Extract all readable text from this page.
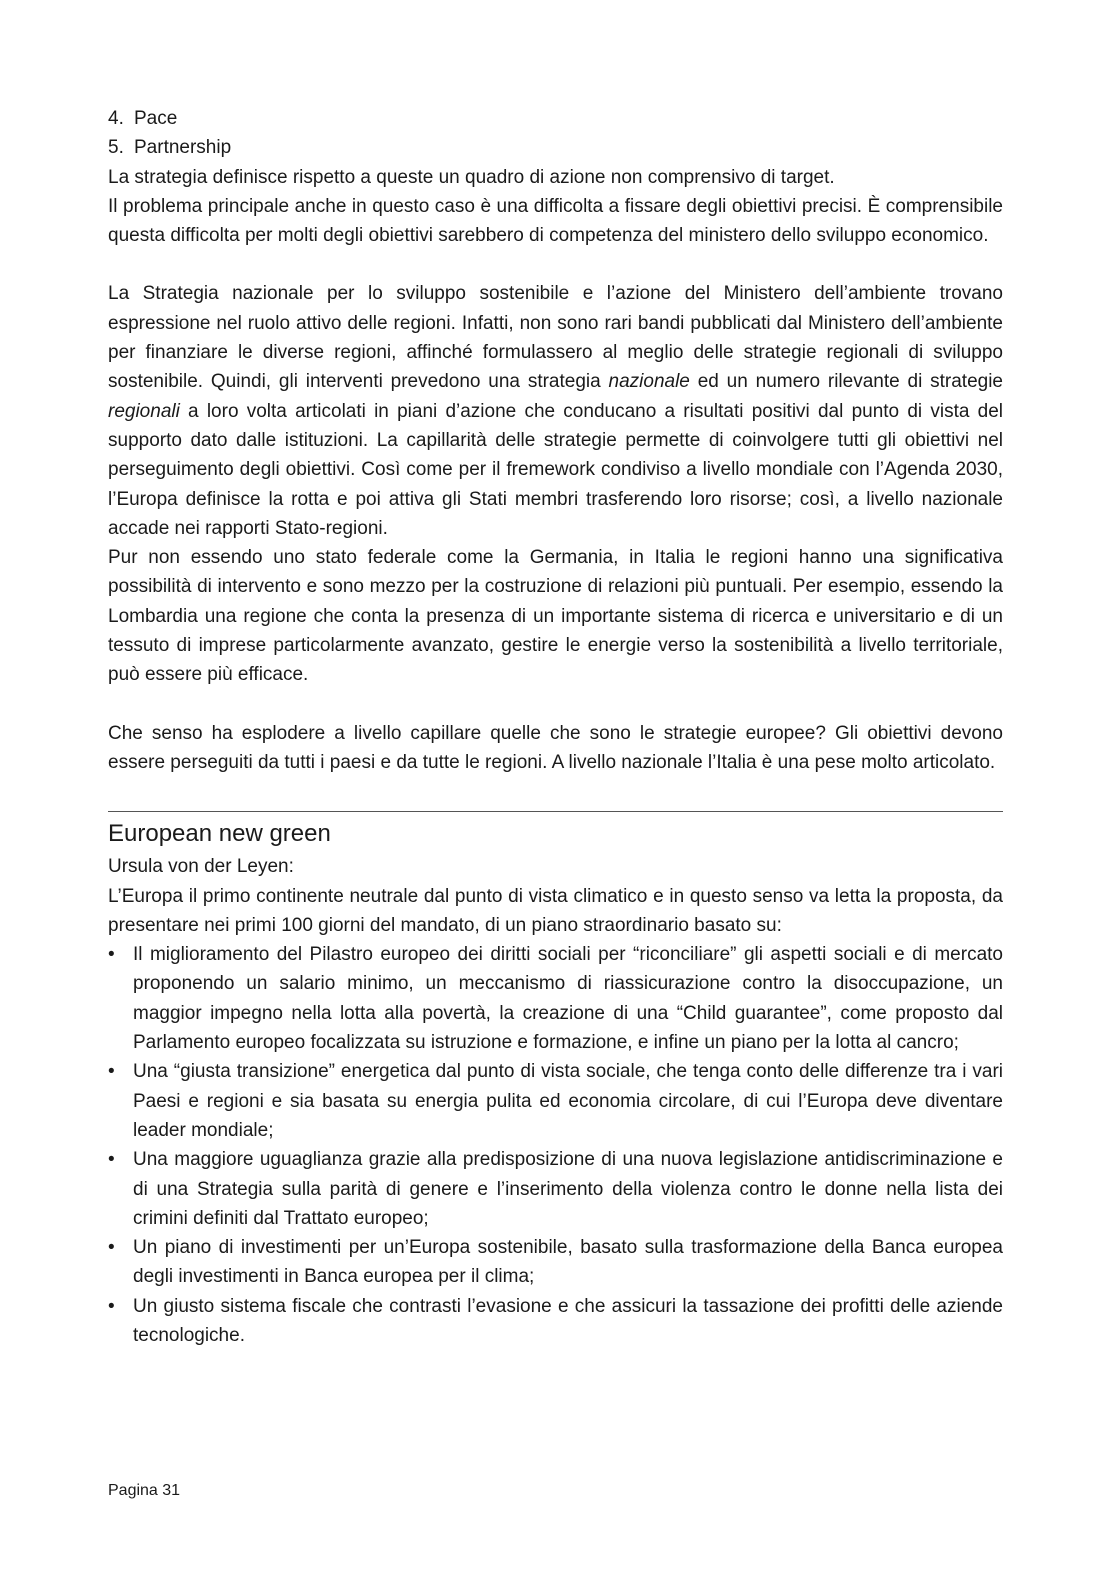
4. Pace
5. Partnership
La strategia definisce rispetto a queste un quadro di azione non comprensivo di target.

Il problema principale anche in questo caso è una difficolta a fissare degli obiettivi precisi. È comprensibile questa difficolta per molti degli obiettivi sarebbero di competenza del ministero dello sviluppo economico.

La Strategia nazionale per lo sviluppo sostenibile e l’azione del Ministero dell’ambiente trovano espressione nel ruolo attivo delle regioni. Infatti, non sono rari bandi pubblicati dal Ministero dell’ambiente per finanziare le diverse regioni, affinché formulassero al meglio delle strategie regionali di sviluppo sostenibile. Quindi, gli interventi prevedono una strategia nazionale ed un numero rilevante di strategie regionali a loro volta articolati in piani d’azione che conducano a risultati positivi dal punto di vista del supporto dato dalle istituzioni. La capillarità delle strategie permette di coinvolgere tutti gli obiettivi nel perseguimento degli obiettivi. Così come per il fremework condiviso a livello mondiale con l’Agenda 2030, l’Europa definisce la rotta e poi attiva gli Stati membri trasferendo loro risorse; così, a livello nazionale accade nei rapporti Stato-regioni.

Pur non essendo uno stato federale come la Germania, in Italia le regioni hanno una significativa possibilità di intervento e sono mezzo per la costruzione di relazioni più puntuali. Per esempio, essendo la Lombardia una regione che conta la presenza di un importante sistema di ricerca e universitario e di un tessuto di imprese particolarmente avanzato, gestire le energie verso la sostenibilità a livello territoriale, può essere più efficace.

Che senso ha esplodere a livello capillare quelle che sono le strategie europee? Gli obiettivi devono essere perseguiti da tutti i paesi e da tutte le regioni. A livello nazionale l’Italia è una pese molto articolato.

European new green
Ursula von der Leyen:

L’Europa il primo continente neutrale dal punto di vista climatico e in questo senso va letta la proposta, da presentare nei primi 100 giorni del mandato, di un piano straordinario basato su:

• Il miglioramento del Pilastro europeo dei diritti sociali per “riconciliare” gli aspetti sociali e di mercato proponendo un salario minimo, un meccanismo di riassicurazione contro la disoccupazione, un maggior impegno nella lotta alla povertà, la creazione di una “Child guarantee”, come proposto dal Parlamento europeo focalizzata su istruzione e formazione, e infine un piano per la lotta al cancro;
• Una “giusta transizione” energetica dal punto di vista sociale, che tenga conto delle differenze tra i vari Paesi e regioni e sia basata su energia pulita ed economia circolare, di cui l’Europa deve diventare leader mondiale;
• Una maggiore uguaglianza grazie alla predisposizione di una nuova legislazione antidiscriminazione e di una Strategia sulla parità di genere e l’inserimento della violenza contro le donne nella lista dei crimini definiti dal Trattato europeo;
• Un piano di investimenti per un’Europa sostenibile, basato sulla trasformazione della Banca europea degli investimenti in Banca europea per il clima;
• Un giusto sistema fiscale che contrasti l’evasione e che assicuri la tassazione dei profitti delle aziende tecnologiche.
Pagina 31
